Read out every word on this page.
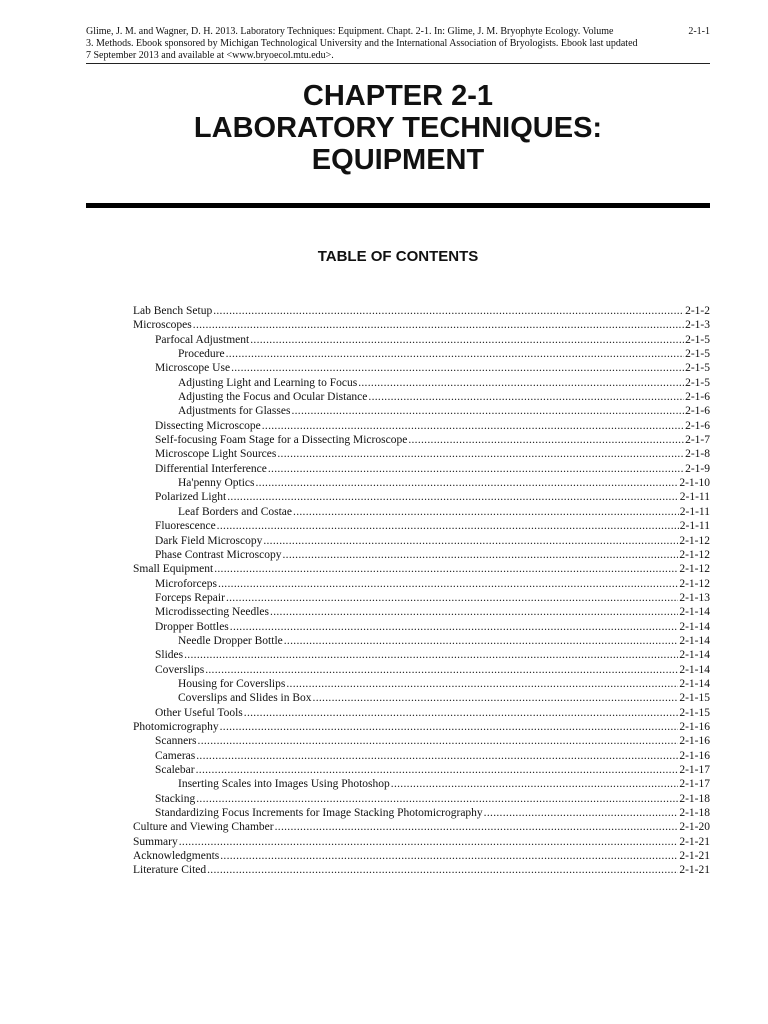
Glime, J. M. and Wagner, D. H. 2013. Laboratory Techniques: Equipment. Chapt. 2-1. In: Glime, J. M. Bryophyte Ecology. Volume	2-1-1
3. Methods. Ebook sponsored by Michigan Technological University and the International Association of Bryologists. Ebook last updated
7 September 2013 and available at <www.bryoecol.mtu.edu>.
CHAPTER 2-1
LABORATORY TECHNIQUES:
EQUIPMENT
TABLE OF CONTENTS
Lab Bench Setup .....	2-1-2
Microscopes .....	2-1-3
Parfocal Adjustment .....	2-1-5
Procedure .....	2-1-5
Microscope Use .....	2-1-5
Adjusting Light and Learning to Focus .....	2-1-5
Adjusting the Focus and Ocular Distance .....	2-1-6
Adjustments for Glasses .....	2-1-6
Dissecting Microscope .....	2-1-6
Self-focusing Foam Stage for a Dissecting Microscope .....	2-1-7
Microscope Light Sources .....	2-1-8
Differential Interference .....	2-1-9
Ha'penny Optics .....	2-1-10
Polarized Light .....	2-1-11
Leaf Borders and Costae .....	2-1-11
Fluorescence .....	2-1-11
Dark Field Microscopy .....	2-1-12
Phase Contrast Microscopy .....	2-1-12
Small Equipment .....	2-1-12
Microforceps .....	2-1-12
Forceps Repair .....	2-1-13
Microdissecting Needles .....	2-1-14
Dropper Bottles .....	2-1-14
Needle Dropper Bottle .....	2-1-14
Slides .....	2-1-14
Coverslips .....	2-1-14
Housing for Coverslips .....	2-1-14
Coverslips and Slides in Box .....	2-1-15
Other Useful Tools .....	2-1-15
Photomicrography .....	2-1-16
Scanners .....	2-1-16
Cameras .....	2-1-16
Scalebar .....	2-1-17
Inserting Scales into Images Using Photoshop .....	2-1-17
Stacking .....	2-1-18
Standardizing Focus Increments for Image Stacking Photomicrography .....	2-1-18
Culture and Viewing Chamber .....	2-1-20
Summary .....	2-1-21
Acknowledgments .....	2-1-21
Literature Cited .....	2-1-21
